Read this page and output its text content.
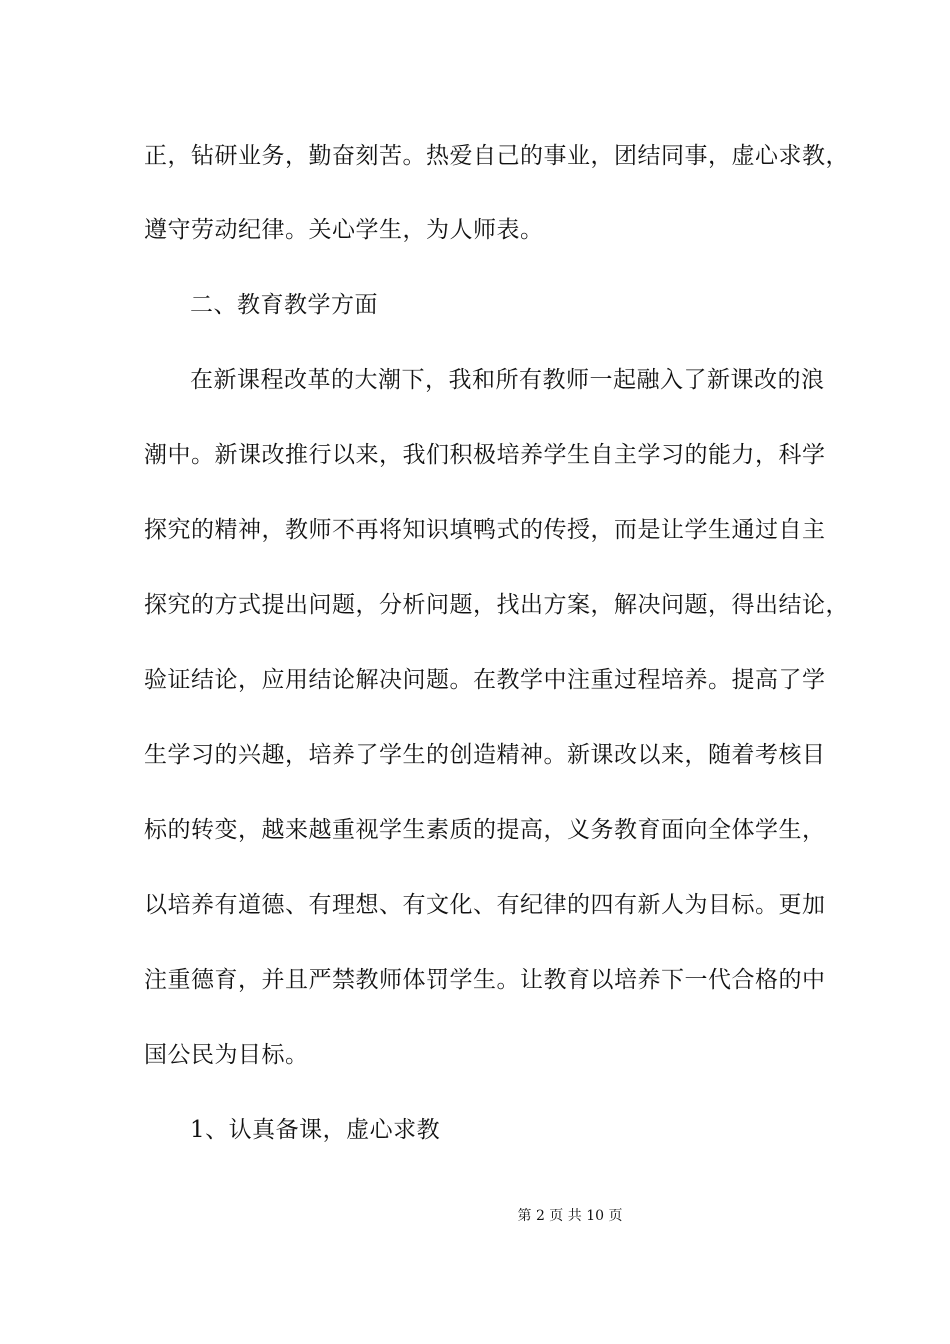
正，钻研业务，勤奋刻苦。热爱自己的事业，团结同事，虚心求教，
遵守劳动纪律。关心学生，为人师表。
二、教育教学方面
在新课程改革的大潮下，我和所有教师一起融入了新课改的浪
潮中。新课改推行以来，我们积极培养学生自主学习的能力，科学
探究的精神，教师不再将知识填鸭式的传授，而是让学生通过自主
探究的方式提出问题，分析问题，找出方案，解决问题，得出结论，
验证结论，应用结论解决问题。在教学中注重过程培养。提高了学
生学习的兴趣，培养了学生的创造精神。新课改以来，随着考核目
标的转变，越来越重视学生素质的提高，义务教育面向全体学生，
以培养有道德、有理想、有文化、有纪律的四有新人为目标。更加
注重德育，并且严禁教师体罚学生。让教育以培养下一代合格的中
国公民为目标。
1、认真备课，虚心求教
第 2 页 共 10 页
